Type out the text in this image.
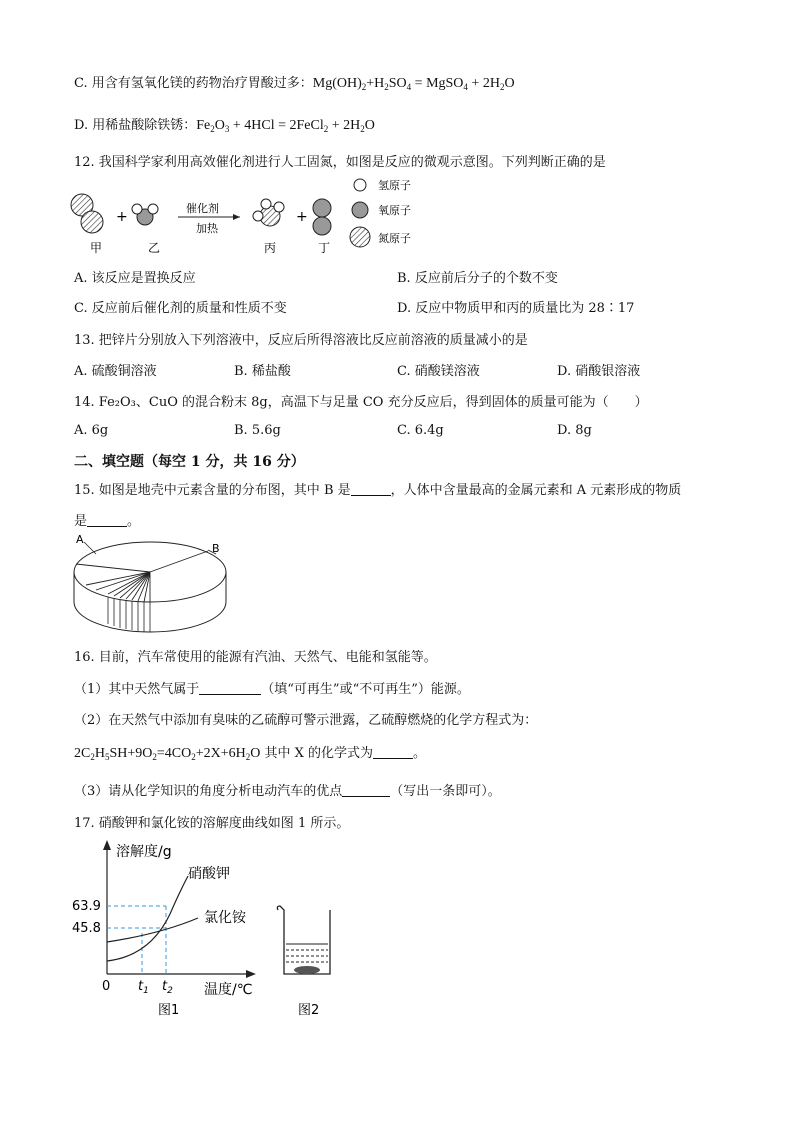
C. 用含有氢氧化镁的药物治疗胃酸过多：$Mg(OH)_2+H_2SO_4$ = MgSO$_4$ + $2H_2O$
D. 用稀盐酸除铁锈：$Fe_2O_3 + 4HCl$ = 2FeCl$_2$ + $2H_2O$
12. 我国科学家利用高效催化剂进行人工固氮，如图是反应的微观示意图。下列判断正确的是
甲
+
乙
催化剂
加热
丙
+
丁
氢原子
氧原子
氮原子
A. 该反应是置换反应	B. 反应前后分子的个数不变
C. 反应前后催化剂的质量和性质不变	D. 反应中物质甲和丙的质量比为 28∶17
13. 把锌片分别放入下列溶液中，反应后所得溶液比反应前溶液的质量减小的是
A. 硫酸铜溶液	B. 稀盐酸	C. 硝酸镁溶液	D. 硝酸银溶液
14. Fe₂O₃、CuO 的混合粉末 8g，高温下与足量 CO 充分反应后，得到固体的质量可能为（　　）
A. 6g	B. 5.6g	C. 6.4g	D. 8g
二、填空题（每空 1 分，共 16 分）
15. 如图是地壳中元素含量的分布图，其中 B 是	，人体中含量最高的金属元素和 A 元素形成的物质
是	。
A
B
16. 目前，汽车常使用的能源有汽油、天然气、电能和氢能等。
（1）其中天然气属于	（填“可再生”或“不可再生”）能源。
（2）在天然气中添加有臭味的乙硫醇可警示泄露，乙硫醇燃烧的化学方程式为：
$2C_2H_5SH+9O_2=4CO_2+2X+6H_2O$ 其中 X 的化学式为	。
（3）请从化学知识的角度分析电动汽车的优点	（写出一条即可）。
17. 硝酸钾和氯化铵的溶解度曲线如图 1 所示。
溶解度/g
硝酸钾
氯化铵
63.9
45.8
0 $t_1$ $t_2$ 温度/℃
图1	图2
